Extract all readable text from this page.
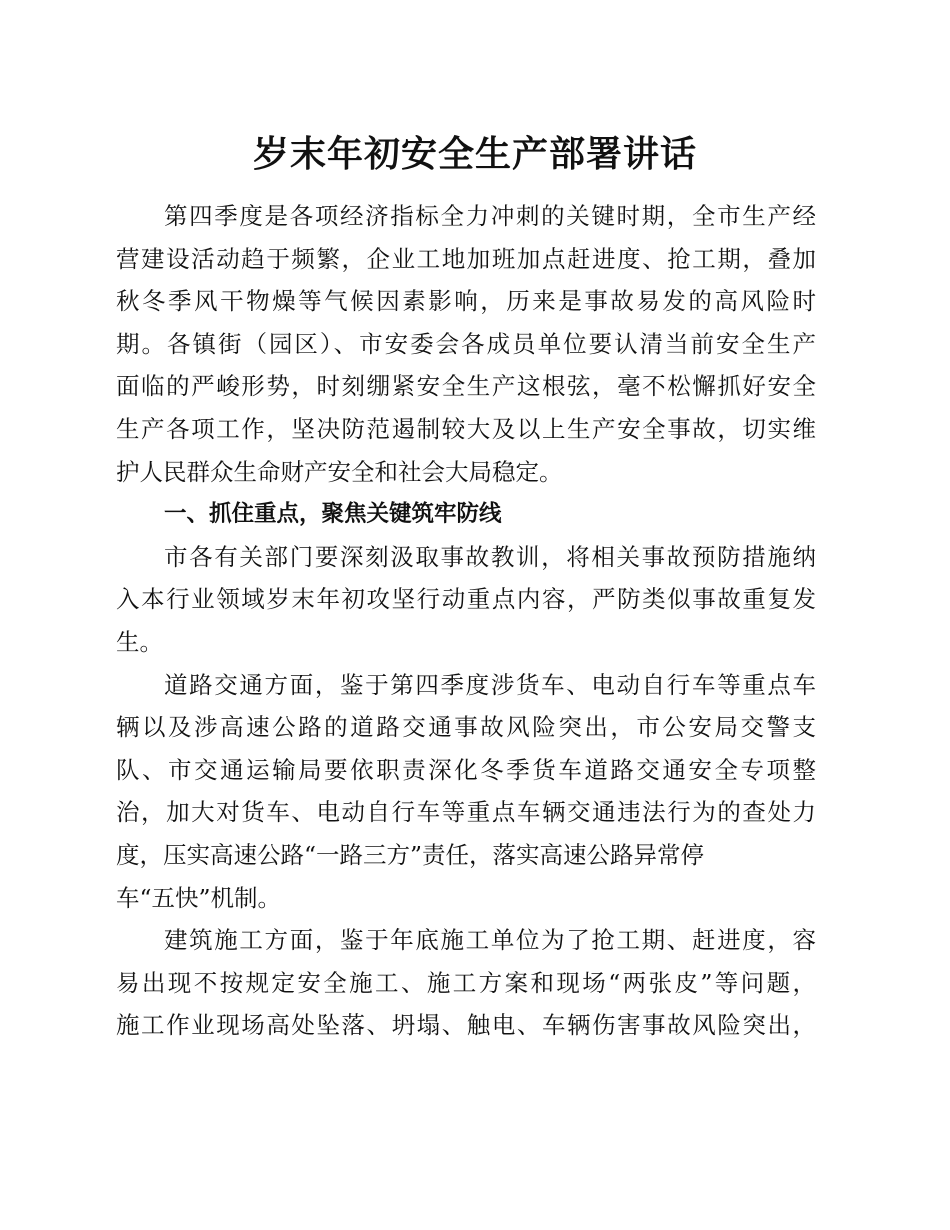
岁末年初安全生产部署讲话
第四季度是各项经济指标全力冲刺的关键时期，全市生产经
营建设活动趋于频繁，企业工地加班加点赶进度、抢工期，叠加
秋冬季风干物燥等气候因素影响，历来是事故易发的高风险时
期。各镇街（园区）、市安委会各成员单位要认清当前安全生产
面临的严峻形势，时刻绷紧安全生产这根弦，毫不松懈抓好安全
生产各项工作，坚决防范遏制较大及以上生产安全事故，切实维
护人民群众生命财产安全和社会大局稳定。
一、抓住重点，聚焦关键筑牢防线
市各有关部门要深刻汲取事故教训，将相关事故预防措施纳
入本行业领域岁末年初攻坚行动重点内容，严防类似事故重复发
生。
道路交通方面，鉴于第四季度涉货车、电动自行车等重点车
辆以及涉高速公路的道路交通事故风险突出，市公安局交警支
队、市交通运输局要依职责深化冬季货车道路交通安全专项整
治，加大对货车、电动自行车等重点车辆交通违法行为的查处力
度，压实高速公路“一路三方”责任，落实高速公路异常停
车“五快”机制。
建筑施工方面，鉴于年底施工单位为了抢工期、赶进度，容
易出现不按规定安全施工、施工方案和现场“两张皮”等问题，
施工作业现场高处坠落、坍塌、触电、车辆伤害事故风险突出，
